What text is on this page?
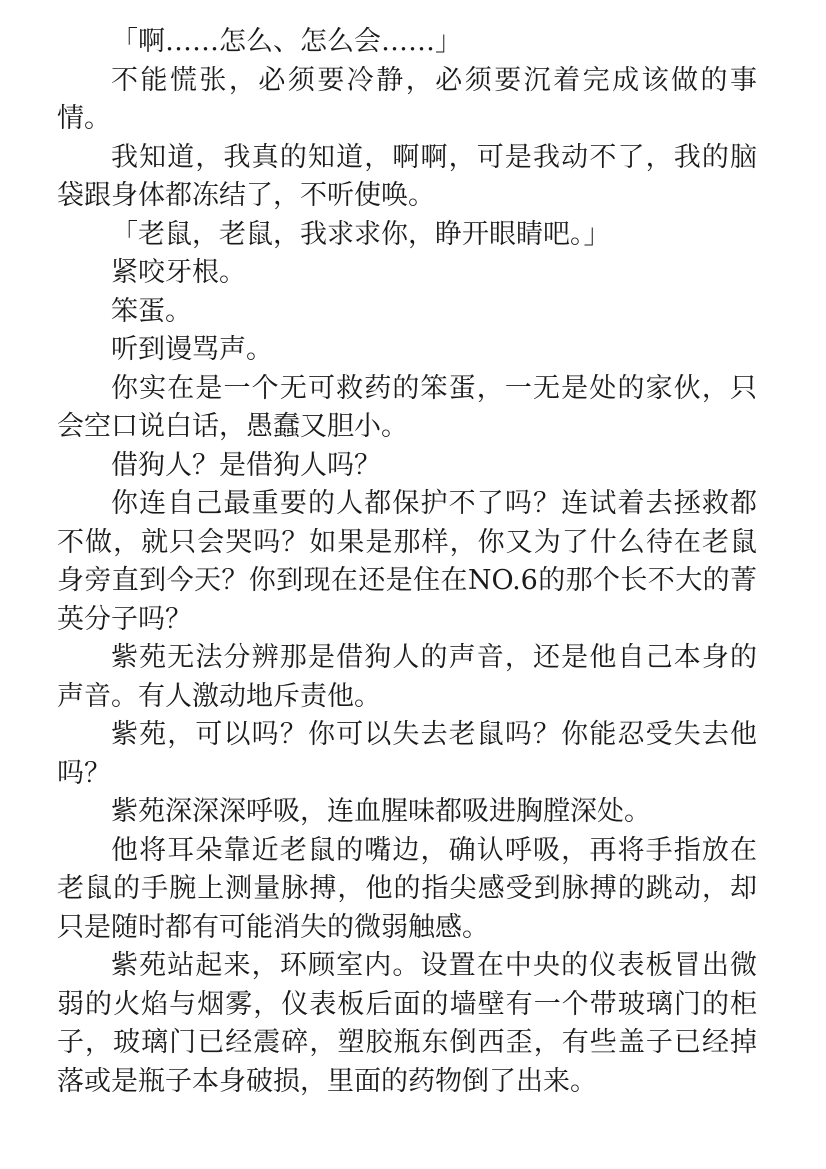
「啊……怎么、怎么会……」

不能慌张，必须要冷静，必须要沉着完成该做的事情。

我知道，我真的知道，啊啊，可是我动不了，我的脑袋跟身体都冻结了，不听使唤。

「老鼠，老鼠，我求求你，睁开眼睛吧。」

紧咬牙根。

笨蛋。

听到谩骂声。

你实在是一个无可救药的笨蛋，一无是处的家伙，只会空口说白话，愚蠢又胆小。

借狗人？是借狗人吗？

你连自己最重要的人都保护不了吗？连试着去拯救都不做，就只会哭吗？如果是那样，你又为了什么待在老鼠身旁直到今天？你到现在还是住在NO.6的那个长不大的菁英分子吗？

紫苑无法分辨那是借狗人的声音，还是他自己本身的声音。有人激动地斥责他。

紫苑，可以吗？你可以失去老鼠吗？你能忍受失去他吗？

紫苑深深深呼吸，连血腥味都吸进胸膛深处。

他将耳朵靠近老鼠的嘴边，确认呼吸，再将手指放在老鼠的手腕上测量脉搏，他的指尖感受到脉搏的跳动，却只是随时都有可能消失的微弱触感。

紫苑站起来，环顾室内。设置在中央的仪表板冒出微弱的火焰与烟雾，仪表板后面的墙壁有一个带玻璃门的柜子，玻璃门已经震碎，塑胶瓶东倒西歪，有些盖子已经掉落或是瓶子本身破损，里面的药物倒了出来。
